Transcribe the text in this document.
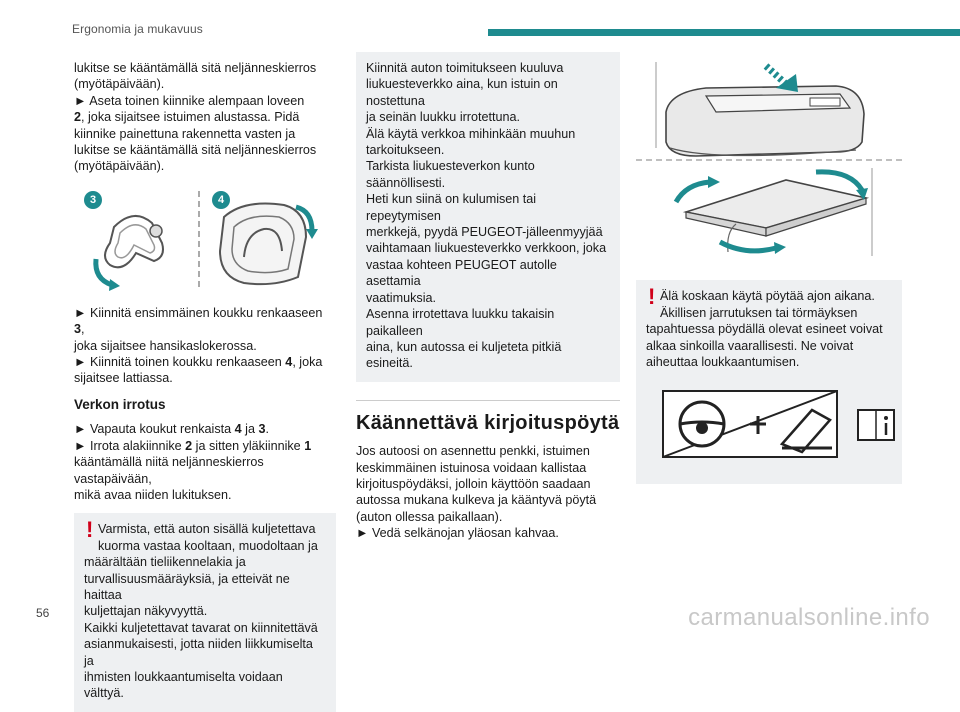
Ergonomia ja mukavuus

lukitse se kääntämällä sitä neljänneskierros

(myötäpäivään).

► Aseta toinen kiinnike alempaan loveen

2, joka sijaitsee istuimen alustassa. Pidä

kiinnike painettuna rakennetta vasten ja

lukitse se kääntämällä sitä neljänneskierros

(myötäpäivään).

3	4

► Kiinnitä ensimmäinen koukku renkaaseen 3,

joka sijaitsee hansikaslokerossa.

► Kiinnitä toinen koukku renkaaseen 4, joka

sijaitsee lattiassa.

Verkon irrotus

► Vapauta koukut renkaista 4 ja 3.

► Irrota alakiinnike 2 ja sitten yläkiinnike 1

kääntämällä niitä neljänneskierros vastapäivään,

mikä avaa niiden lukituksen.

! Varmista, että auton sisällä kuljetettava

kuorma vastaa kooltaan, muodoltaan ja

määrältään tieliikennelakia ja

turvallisuusmääräyksiä, ja etteivät ne haittaa

kuljettajan näkyvyyttä.

Kaikki kuljetettavat tavarat on kiinnitettävä

asianmukaisesti, jotta niiden liikkumiselta ja

ihmisten loukkaantumiselta voidaan välttyä.

Kiinnitä auton toimitukseen kuuluva

liukuesteverkko aina, kun istuin on nostettuna

ja seinän luukku irrotettuna.

Älä käytä verkkoa mihinkään muuhun

tarkoitukseen.

Tarkista liukuesteverkon kunto säännöllisesti.

Heti kun siinä on kulumisen tai repeytymisen

merkkejä, pyydä PEUGEOT-jälleenmyyjää

vaihtamaan liukuesteverkko verkkoon, joka

vastaa kohteen PEUGEOT autolle asettamia

vaatimuksia.

Asenna irrotettava luukku takaisin paikalleen

aina, kun autossa ei kuljeteta pitkiä esineitä.

Käännettävä kirjoituspöytä

Jos autoosi on asennettu penkki, istuimen

keskimmäinen istuinosa voidaan kallistaa

kirjoituspöydäksi, jolloin käyttöön saadaan

autossa mukana kulkeva ja kääntyvä pöytä

(auton ollessa paikallaan).

► Vedä selkänojan yläosan kahvaa.

! Älä koskaan käytä pöytää ajon aikana.

Äkillisen jarrutuksen tai törmäyksen

tapahtuessa pöydällä olevat esineet voivat

alkaa sinkoilla vaarallisesti. Ne voivat

aiheuttaa loukkaantumisen.

56	carmanualsonline.info
